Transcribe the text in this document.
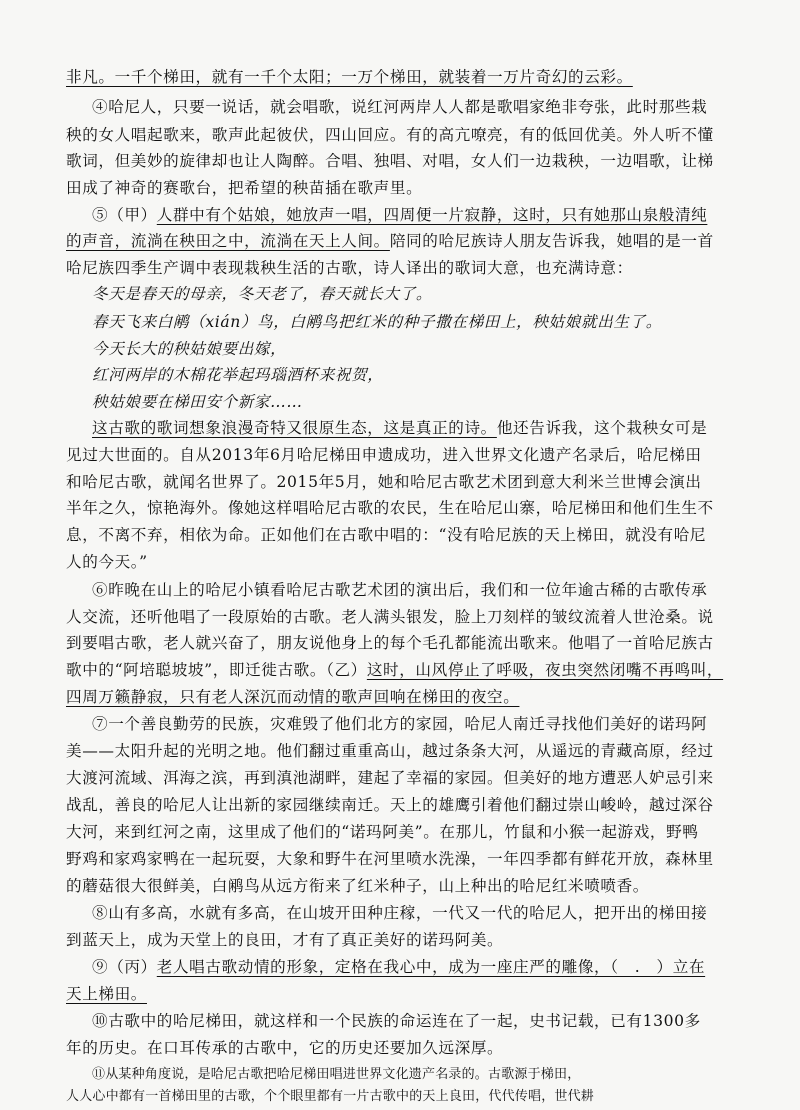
非凡。一千个梯田，就有一千个太阳；一万个梯田，就装着一万片奇幻的云彩。
④哈尼人，只要一说话，就会唱歌，说红河两岸人人都是歌唱家绝非夸张，此时那些栽
秧的女人唱起歌来，歌声此起彼伏，四山回应。有的高亢嘹亮，有的低回优美。外人听不懂
歌词，但美妙的旋律却也让人陶醉。合唱、独唱、对唱，女人们一边栽秧，一边唱歌，让梯
田成了神奇的赛歌台，把希望的秧苗插在歌声里。
⑤（甲）人群中有个姑娘，她放声一唱，四周便一片寂静，这时，只有她那山泉般清纯
的声音，流淌在秧田之中，流淌在天上人间。陪同的哈尼族诗人朋友告诉我，她唱的是一首
哈尼族四季生产调中表现栽秧生活的古歌，诗人译出的歌词大意，也充满诗意：
冬天是春天的母亲，冬天老了，春天就长大了。
春天飞来白鹇（xián）鸟，白鹇鸟把红米的种子撒在梯田上，秧姑娘就出生了。
今天长大的秧姑娘要出嫁，
红河两岸的木棉花举起玛瑙酒杯来祝贺，
秧姑娘要在梯田安个新家……
这古歌的歌词想象浪漫奇特又很原生态，这是真正的诗。他还告诉我，这个栽秧女可是
见过大世面的。自从2013年6月哈尼梯田申遗成功，进入世界文化遗产名录后，哈尼梯田
和哈尼古歌，就闻名世界了。2015年5月，她和哈尼古歌艺术团到意大利米兰世博会演出
半年之久，惊艳海外。像她这样唱哈尼古歌的农民，生在哈尼山寨，哈尼梯田和他们生生不
息，不离不弃，相依为命。正如他们在古歌中唱的：“没有哈尼族的天上梯田，就没有哈尼
人的今天。”
⑥昨晚在山上的哈尼小镇看哈尼古歌艺术团的演出后，我们和一位年逾古稀的古歌传承
人交流，还听他唱了一段原始的古歌。老人满头银发，脸上刀刻样的皱纹流着人世沧桑。说
到要唱古歌，老人就兴奋了，朋友说他身上的每个毛孔都能流出歌来。他唱了一首哈尼族古
歌中的“阿培聪坡坡”，即迁徙古歌。（乙）这时，山风停止了呼吸，夜虫突然闭嘴不再鸣叫，
四周万籁静寂，只有老人深沉而动情的歌声回响在梯田的夜空。
⑦一个善良勤劳的民族，灾难毁了他们北方的家园，哈尼人南迁寻找他们美好的诺玛阿
美——太阳升起的光明之地。他们翻过重重高山，越过条条大河，从遥远的青藏高原，经过
大渡河流域、洱海之滨，再到滇池湖畔，建起了幸福的家园。但美好的地方遭恶人妒忌引来
战乱，善良的哈尼人让出新的家园继续南迁。天上的雄鹰引着他们翻过崇山峻岭，越过深谷
大河，来到红河之南，这里成了他们的“诺玛阿美”。在那儿，竹鼠和小猴一起游戏，野鸭
野鸡和家鸡家鸭在一起玩耍，大象和野牛在河里喷水洗澡，一年四季都有鲜花开放，森林里
的蘑菇很大很鲜美，白鹇鸟从远方衔来了红米种子，山上种出的哈尼红米喷喷香。
⑧山有多高，水就有多高，在山坡开田种庄稼，一代又一代的哈尼人，把开出的梯田接
到蓝天上，成为天堂上的良田，才有了真正美好的诺玛阿美。
⑨（丙）老人唱古歌动情的形象，定格在我心中，成为一座庄严的雕像，（　.　）立在
天上梯田。
⑩古歌中的哈尼梯田，就这样和一个民族的命运连在了一起，史书记载，已有1300多
年的历史。在口耳传承的古歌中，它的历史还要加久远深厚。
⑪从某种角度说，是哈尼古歌把哈尼梯田唱进世界文化遗产名录的。古歌源于梯田，
人人心中都有一首梯田里的古歌，个个眼里都有一片古歌中的天上良田，代代传唱，世代耕
